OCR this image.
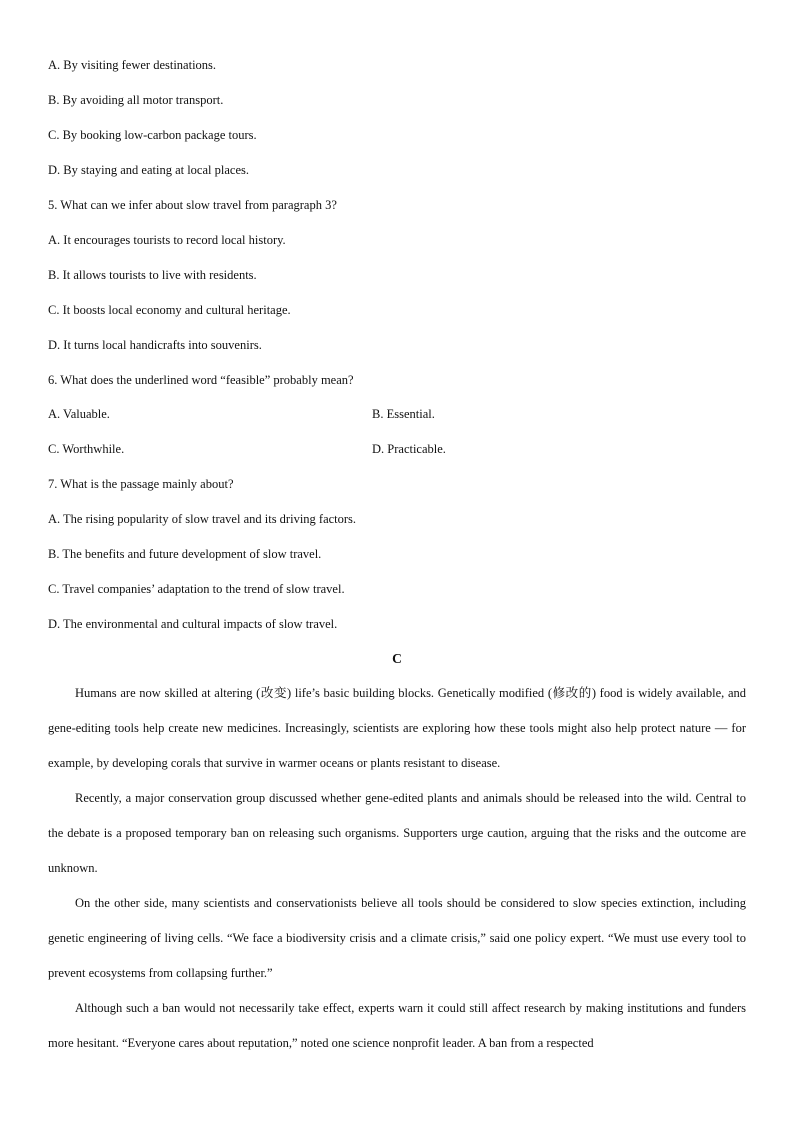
A. By visiting fewer destinations.
B. By avoiding all motor transport.
C. By booking low-carbon package tours.
D. By staying and eating at local places.
5. What can we infer about slow travel from paragraph 3?
A. It encourages tourists to record local history.
B. It allows tourists to live with residents.
C. It boosts local economy and cultural heritage.
D. It turns local handicrafts into souvenirs.
6. What does the underlined word “feasible” probably mean?
A. Valuable.	B. Essential.
C. Worthwhile.	D. Practicable.
7. What is the passage mainly about?
A. The rising popularity of slow travel and its driving factors.
B. The benefits and future development of slow travel.
C. Travel companies’ adaptation to the trend of slow travel.
D. The environmental and cultural impacts of slow travel.
C
Humans are now skilled at altering (改变) life’s basic building blocks. Genetically modified (修改的) food is widely available, and gene-editing tools help create new medicines. Increasingly, scientists are exploring how these tools might also help protect nature — for example, by developing corals that survive in warmer oceans or plants resistant to disease.
Recently, a major conservation group discussed whether gene-edited plants and animals should be released into the wild. Central to the debate is a proposed temporary ban on releasing such organisms. Supporters urge caution, arguing that the risks and the outcome are unknown.
On the other side, many scientists and conservationists believe all tools should be considered to slow species extinction, including genetic engineering of living cells. “We face a biodiversity crisis and a climate crisis,” said one policy expert. “We must use every tool to prevent ecosystems from collapsing further.”
Although such a ban would not necessarily take effect, experts warn it could still affect research by making institutions and funders more hesitant. “Everyone cares about reputation,” noted one science nonprofit leader. A ban from a respected
